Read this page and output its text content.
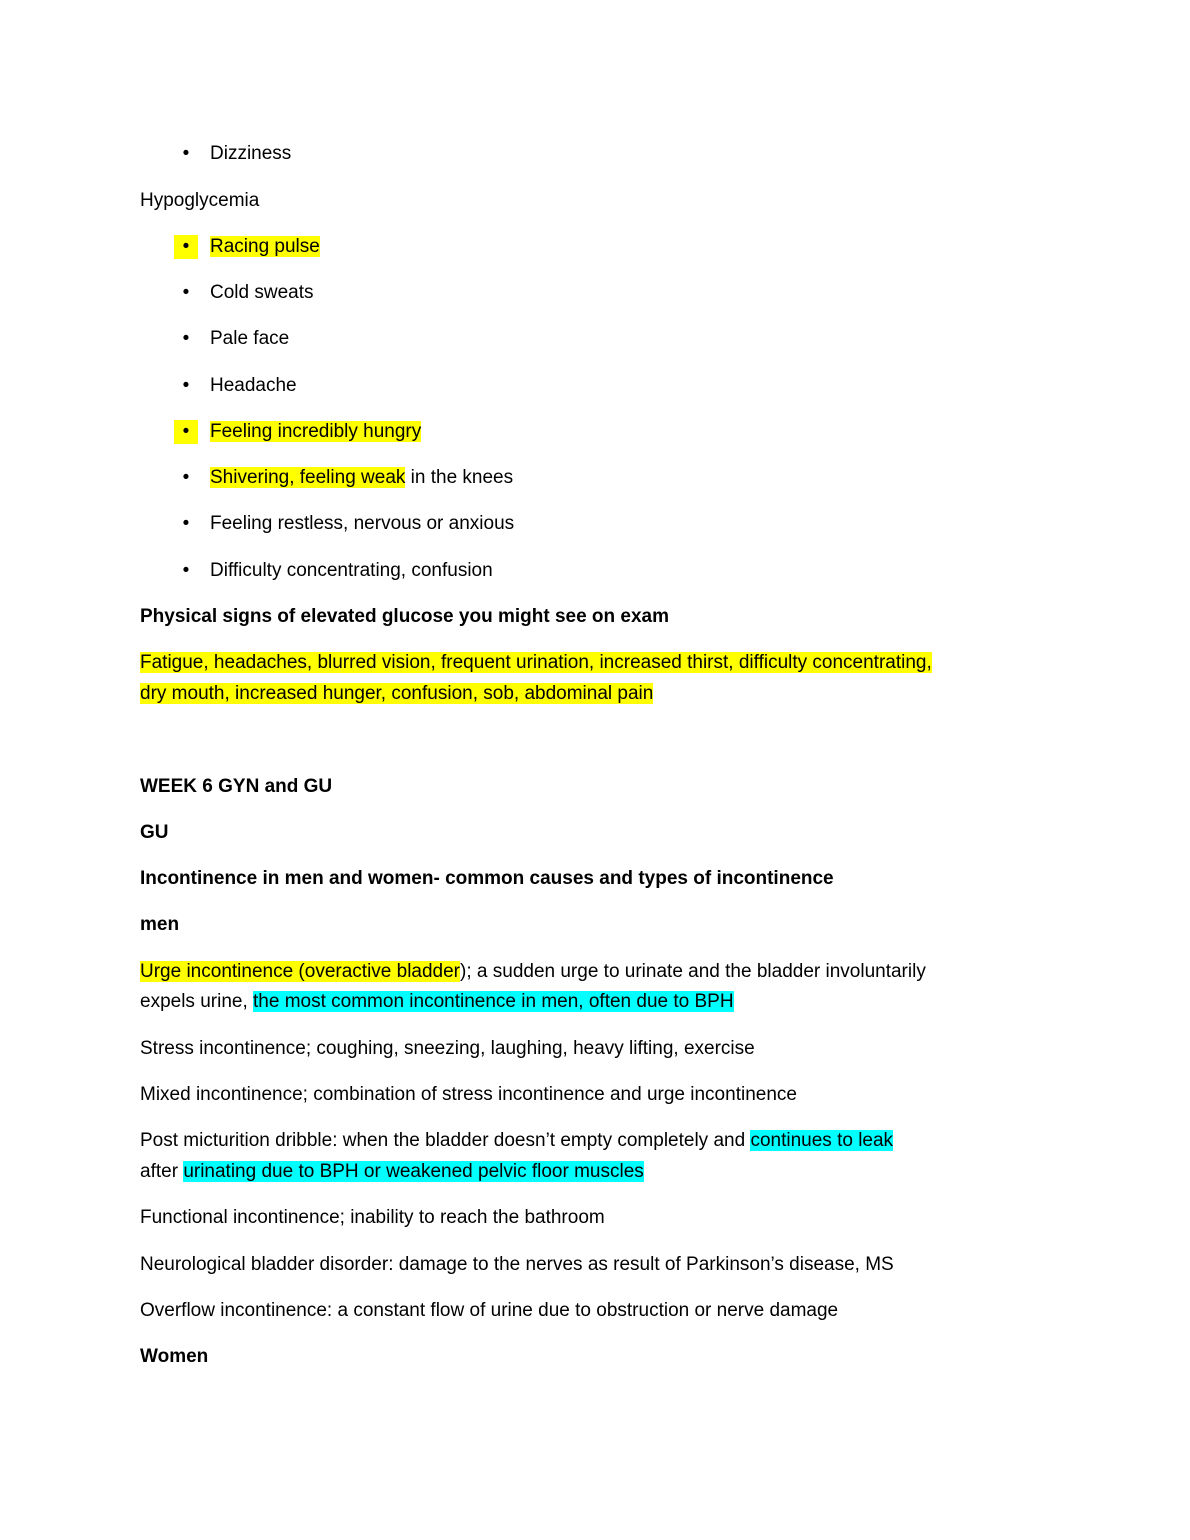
•	Dizziness
Hypoglycemia
•	Racing pulse
•	Cold sweats
•	Pale face
•	Headache
•	Feeling incredibly hungry
•	Shivering, feeling weak in the knees
•	Feeling restless, nervous or anxious
•	Difficulty concentrating, confusion
Physical signs of elevated glucose you might see on exam
Fatigue, headaches, blurred vision, frequent urination, increased thirst, difficulty concentrating,
dry mouth, increased hunger, confusion, sob, abdominal pain
WEEK 6 GYN and GU
GU
Incontinence in men and women- common causes and types of incontinence
men
Urge incontinence (overactive bladder); a sudden urge to urinate and the bladder involuntarily
expels urine, the most common incontinence in men, often due to BPH
Stress incontinence; coughing, sneezing, laughing, heavy lifting, exercise
Mixed incontinence; combination of stress incontinence and urge incontinence
Post micturition dribble: when the bladder doesn’t empty completely and continues to leak
after urinating due to BPH or weakened pelvic floor muscles
Functional incontinence; inability to reach the bathroom
Neurological bladder disorder: damage to the nerves as result of Parkinson’s disease, MS
Overflow incontinence: a constant flow of urine due to obstruction or nerve damage
Women
